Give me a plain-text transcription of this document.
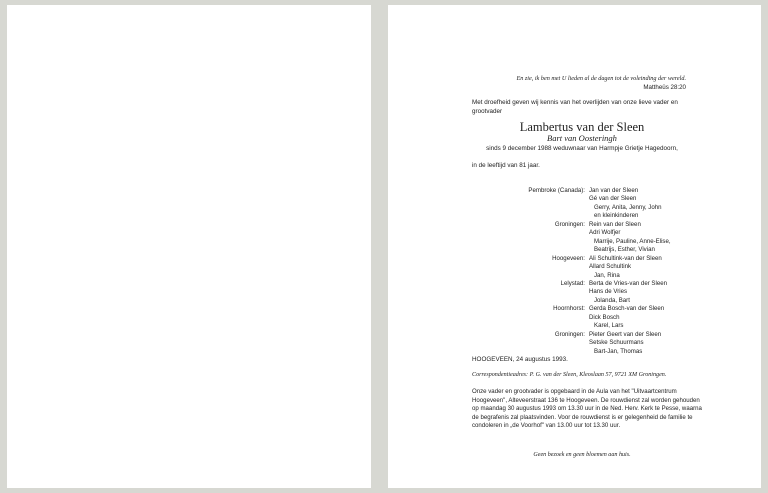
En zie, ik ben met U lieden al de dagen tot de voleinding der wereld.
Mattheüs 28:20
Met droefheid geven wij kennis van het overlijden van onze lieve vader en grootvader
Lambertus van der Sleen
Bart van Oosteringh
sinds 9 december 1988 weduwnaar van Harmpje Grietje Hagedoorn,
in de leeftijd van 81 jaar.
Pembroke (Canada): Jan van der Sleen
Gé van der Sleen
Gerry, Anita, Jenny, John
en kleinkinderen
Groningen: Rein van der Sleen
Adri Wolfjer
Marrije, Pauline, Anne-Elise,
Beatrijs, Esther, Vivian
Hoogeveen: Ali Schultink-van der Sleen
Allard Schultink
Jan, Rina
Lelystad: Berta de Vries-van der Sleen
Hans de Vries
Jolanda, Bart
Hoornhorst: Gerda Bosch-van der Sleen
Dick Bosch
Karel, Lars
Groningen: Pieter Geert van der Sleen
Setske Schuurmans
Bart-Jan, Thomas
HOOGEVEEN, 24 augustus 1993.
Correspondentieadres: P. G. van der Sleen, Kleoslaan 57, 9721 XM Groningen.
Onze vader en grootvader is opgebaard in de Aula van het "Uitvaartcentrum Hoogeveen", Alteveerstraat 136 te Hoogeveen. De rouwdienst zal worden gehouden op maandag 30 augustus 1993 om 13.30 uur in de Ned. Herv. Kerk te Pesse, waarna de begrafenis zal plaatsvinden. Voor de rouwdienst is er gelegenheid de familie te condoleren in „de Voorhof" van 13.00 uur tot 13.30 uur.
Geen bezoek en geen bloemen aan huis.
